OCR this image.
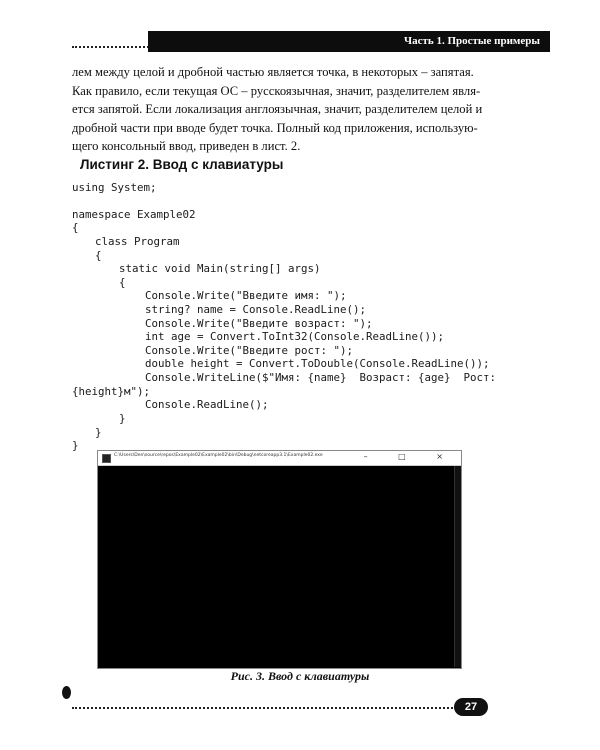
Часть 1. Простые примеры
лем между целой и дробной частью является точка, в некоторых – запятая.
Как правило, если текущая ОС – русскоязычная, значит, разделителем явля-
ется запятой. Если локализация англоязычная, значит, разделителем целой и
дробной части при вводе будет точка. Полный код приложения, использую-
щего консольный ввод, приведен в лист. 2.
Листинг 2. Ввод с клавиатуры
using System;
namespace Example02
{
class Program
{
static void Main(string[] args)
{
Console.Write("Введите имя: ");
string? name = Console.ReadLine();
Console.Write("Введите возраст: ");
int age = Convert.ToInt32(Console.ReadLine());
Console.Write("Введите рост: ");
double height = Convert.ToDouble(Console.ReadLine());
Console.WriteLine($"Имя: {name}  Возраст: {age}  Рост:
{height}м");
Console.ReadLine();
}
}
}
C:\Users\Den\source\repos\Example02\Example02\bin\Debug\netcoreapp3.1\Example02.exe	– □ ×
Рис. 3. Ввод с клавиатуры
27
